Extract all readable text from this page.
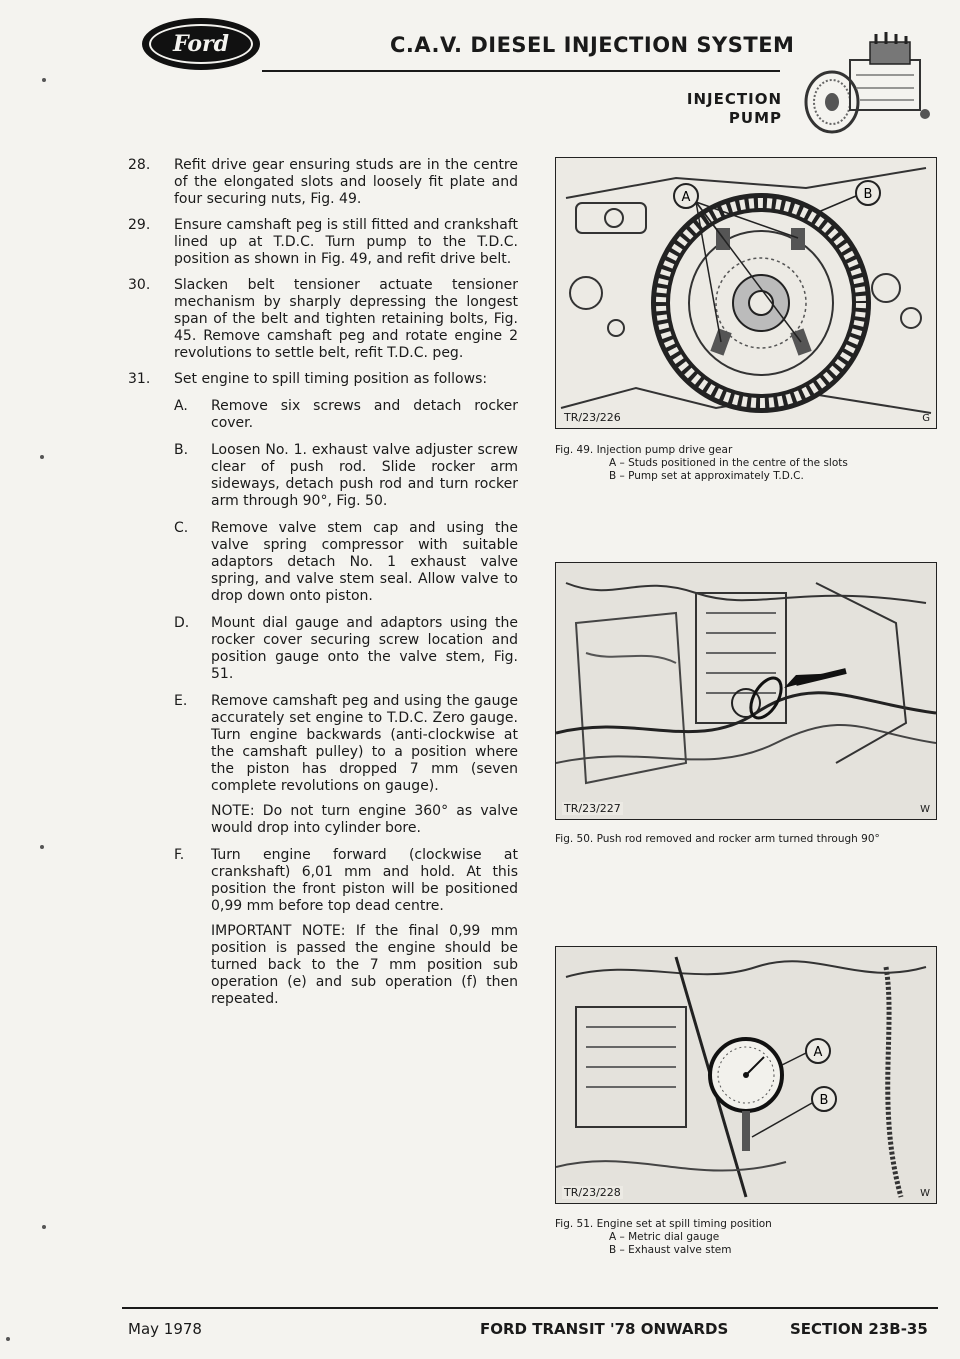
Ford	C.A.V. DIESEL INJECTION SYSTEM
INJECTION
PUMP
28.	Refit drive gear ensuring studs are in the centre of the elongated slots and loosely fit plate and four securing nuts, Fig. 49.
29.	Ensure camshaft peg is still fitted and crankshaft lined up at T.D.C. Turn pump to the T.D.C. position as shown in Fig. 49, and refit drive belt.
30.	Slacken belt tensioner actuate tensioner mechanism by sharply depressing the longest span of the belt and tighten retaining bolts, Fig. 45. Remove camshaft peg and rotate engine 2 revolutions to settle belt, refit T.D.C. peg.
31.	Set engine to spill timing position as follows:
A.	Remove six screws and detach rocker cover.

B.	Loosen No. 1. exhaust valve adjuster screw clear of push rod. Slide rocker arm sideways, detach push rod and turn rocker arm through 90°, Fig. 50.

C.	Remove valve stem cap and using the valve spring compressor with suitable adaptors detach No. 1 exhaust valve spring, and valve stem seal. Allow valve to drop down onto piston.

D.	Mount dial gauge and adaptors using the rocker cover securing screw location and position gauge onto the valve stem, Fig. 51.

E.	Remove camshaft peg and using the gauge accurately set engine to T.D.C. Zero gauge. Turn engine backwards (anti-clockwise at the camshaft pulley) to a position where the piston has dropped 7 mm (seven complete revolutions on gauge).

NOTE: Do not turn engine 360° as valve would drop into cylinder bore.

F.	Turn engine forward (clockwise at crankshaft) 6,01 mm and hold. At this position the front piston will be positioned 0,99 mm before top dead centre.

IMPORTANT NOTE: If the final 0,99 mm position is passed the engine should be turned back to the 7 mm position sub operation (e) and sub operation (f) then repeated.

A	B
TR/23/226	G
Fig. 49. Injection pump drive gear
A – Studs positioned in the centre of the slots
B – Pump set at approximately T.D.C.
TR/23/227	W
Fig. 50. Push rod removed and rocker arm turned through 90°
A
B
TR/23/228	W
Fig. 51. Engine set at spill timing position
A – Metric dial gauge
B – Exhaust valve stem
May 1978	FORD TRANSIT '78 ONWARDS	SECTION 23B-35
